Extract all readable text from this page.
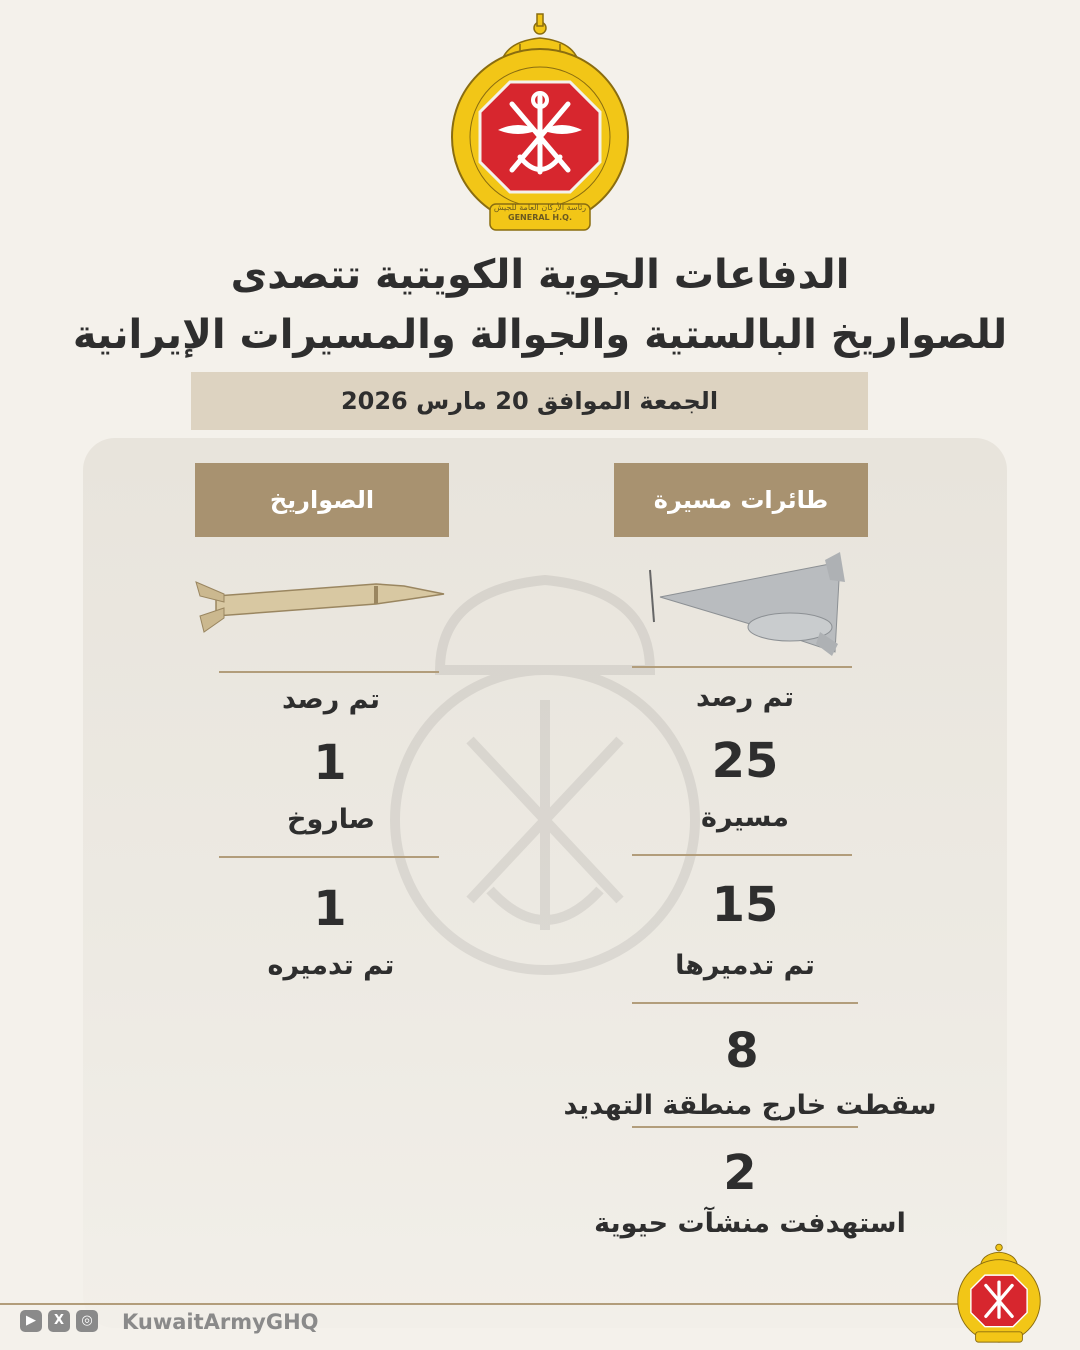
رئاسة الأركان العامة للجيش
GENERAL H.Q.
الدفاعات الجوية الكويتية تتصدى
للصواريخ البالستية والجوالة والمسيرات الإيرانية
الجمعة الموافق 20 مارس 2026
طائرات مسيرة
الصواريخ
تم رصد
25
مسيرة
15
تم تدميرها
8
سقطت خارج منطقة التهديد
2
استهدفت منشآت حيوية
تم رصد
1
صاروخ
1
تم تدميره
▶	X	◎ KuwaitArmyGHQ
